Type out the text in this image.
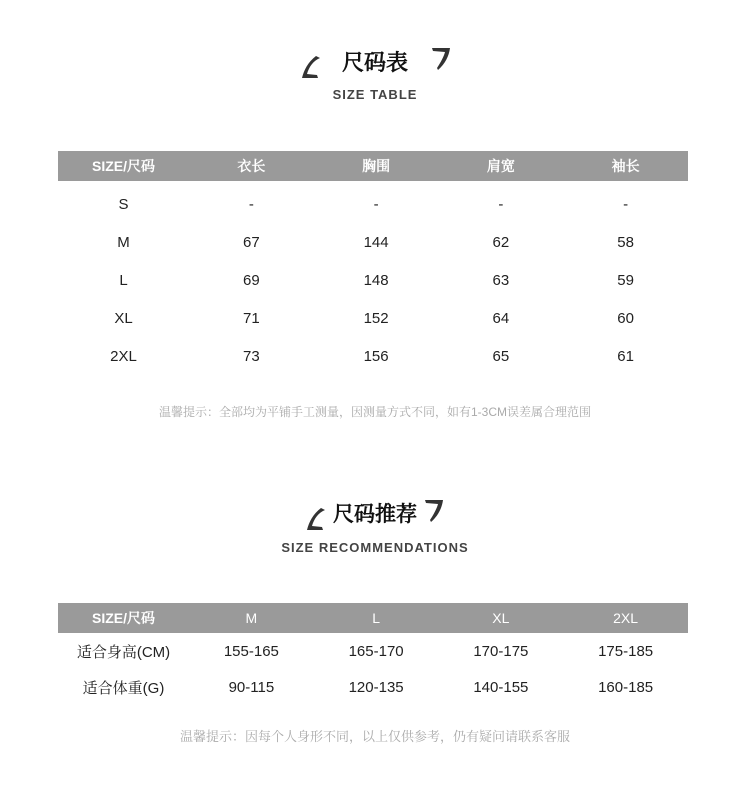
尺码表
SIZE TABLE
SIZE/尺码	衣长	胸围	肩宽	袖长
S	-	-	-	-
M	67	144	62	58
L	69	148	63	59
XL	71	152	64	60
2XL	73	156	65	61
温馨提示：全部均为平铺手工测量，因测量方式不同，如有1-3CM误差属合理范围
尺码推荐
SIZE RECOMMENDATIONS
SIZE/尺码	M	L	XL	2XL
适合身高(CM)	155-165	165-170	170-175	175-185
适合体重(G)	90-115	120-135	140-155	160-185
温馨提示：因每个人身形不同，以上仅供参考，仍有疑问请联系客服
